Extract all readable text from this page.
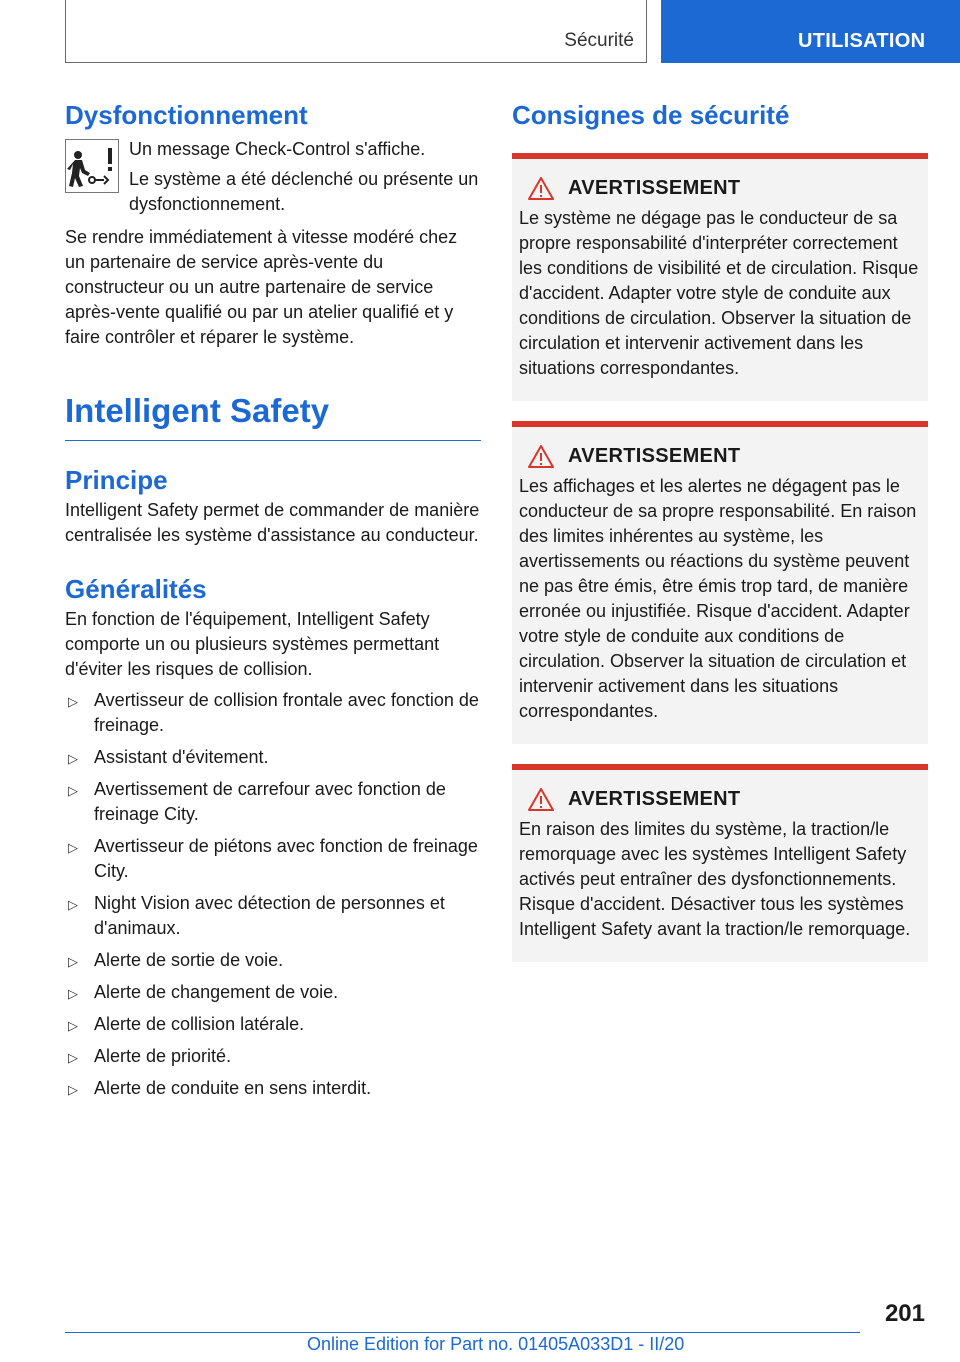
Sécurité	UTILISATION
Dysfonctionnement

Un message Check-Control s'affiche.

Le système a été déclenché ou présente un dysfonctionnement.

Se rendre immédiatement à vitesse modéré chez un partenaire de service après-vente du constructeur ou un autre partenaire de service après-vente qualifié ou par un atelier qualifié et y faire contrôler et réparer le système.

Intelligent Safety
Principe

Intelligent Safety permet de commander de manière centralisée les système d'assistance au conducteur.

Généralités

En fonction de l'équipement, Intelligent Safety comporte un ou plusieurs systèmes permettant d'éviter les risques de collision.

▷ Avertisseur de collision frontale avec fonction de freinage.
▷ Assistant d'évitement.
▷ Avertissement de carrefour avec fonction de freinage City.
▷ Avertisseur de piétons avec fonction de freinage City.
▷ Night Vision avec détection de personnes et d'animaux.
▷ Alerte de sortie de voie.
▷ Alerte de changement de voie.
▷ Alerte de collision latérale.
▷ Alerte de priorité.
▷ Alerte de conduite en sens interdit.
Consignes de sécurité
AVERTISSEMENT

Le système ne dégage pas le conducteur de sa propre responsabilité d'interpréter correctement les conditions de visibilité et de circulation. Risque d'accident. Adapter votre style de conduite aux conditions de circulation. Observer la situation de circulation et intervenir activement dans les situations correspondantes.

AVERTISSEMENT

Les affichages et les alertes ne dégagent pas le conducteur de sa propre responsabilité. En raison des limites inhérentes au système, les avertissements ou réactions du système peuvent ne pas être émis, être émis trop tard, de manière erronée ou injustifiée. Risque d'accident. Adapter votre style de conduite aux conditions de circulation. Observer la situation de circulation et intervenir activement dans les situations correspondantes.

AVERTISSEMENT

En raison des limites du système, la traction/le remorquage avec les systèmes Intelligent Safety activés peut entraîner des dysfonctionnements. Risque d'accident. Désactiver tous les systèmes Intelligent Safety avant la traction/le remorquage.

201
Online Edition for Part no. 01405A033D1 - II/20
